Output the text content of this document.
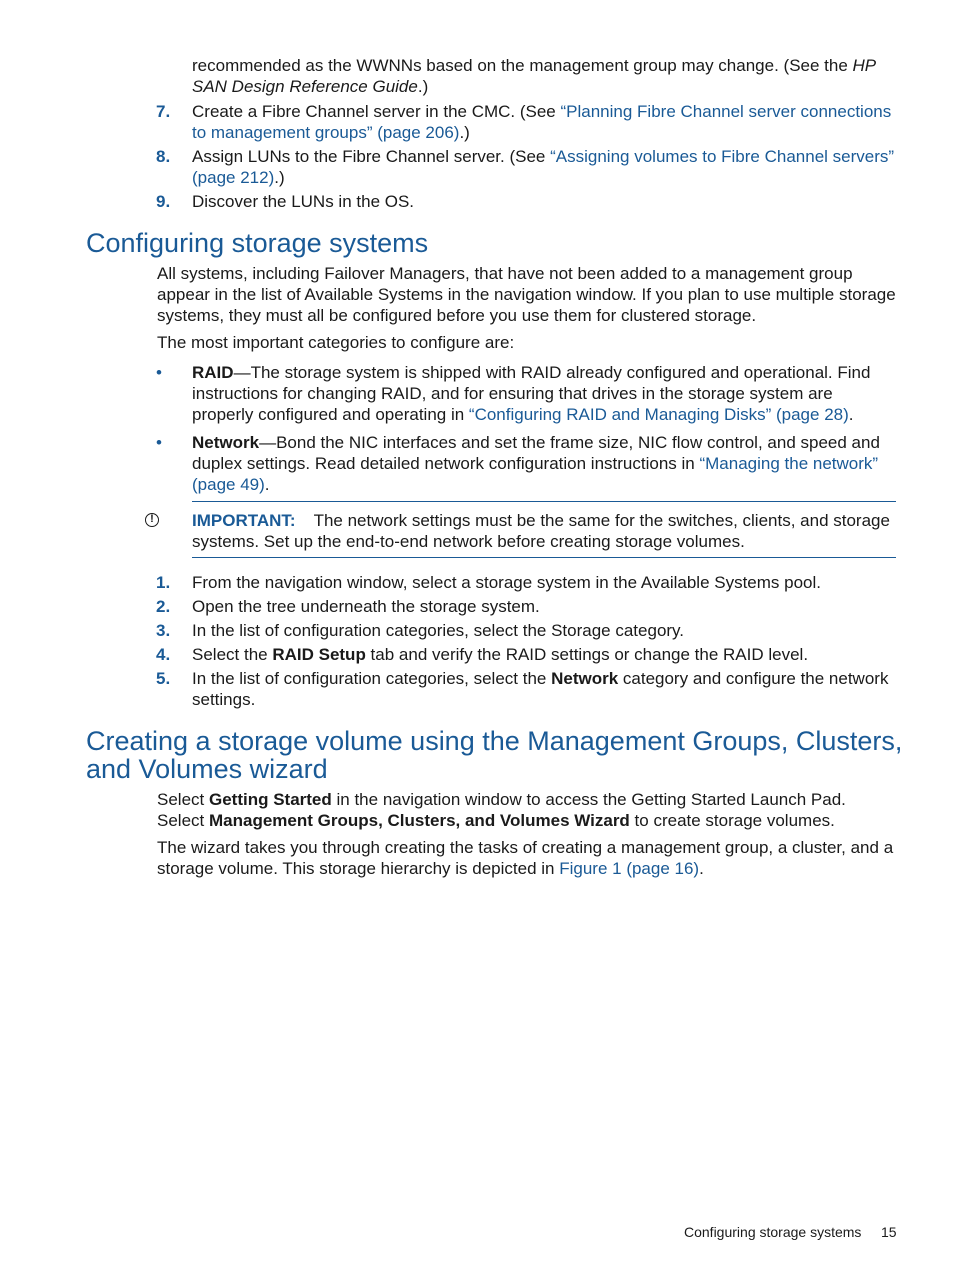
recommended as the WWNNs based on the management group may change. (See the HP SAN Design Reference Guide.)
7.	Create a Fibre Channel server in the CMC. (See “Planning Fibre Channel server connections to management groups” (page 206).)
8.	Assign LUNs to the Fibre Channel server. (See “Assigning volumes to Fibre Channel servers” (page 212).)
9.	Discover the LUNs in the OS.
Configuring storage systems
All systems, including Failover Managers, that have not been added to a management group appear in the list of Available Systems in the navigation window. If you plan to use multiple storage systems, they must all be configured before you use them for clustered storage.
The most important categories to configure are:
• RAID—The storage system is shipped with RAID already configured and operational. Find instructions for changing RAID, and for ensuring that drives in the storage system are properly configured and operating in “Configuring RAID and Managing Disks” (page 28).
• Network—Bond the NIC interfaces and set the frame size, NIC flow control, and speed and duplex settings. Read detailed network configuration instructions in “Managing the network” (page 49).
!	IMPORTANT: The network settings must be the same for the switches, clients, and storage systems. Set up the end-to-end network before creating storage volumes.
1.	From the navigation window, select a storage system in the Available Systems pool.
2.	Open the tree underneath the storage system.
3.	In the list of configuration categories, select the Storage category.
4.	Select the RAID Setup tab and verify the RAID settings or change the RAID level.
5.	In the list of configuration categories, select the Network category and configure the network settings.
Creating a storage volume using the Management Groups, Clusters, and Volumes wizard
Select Getting Started in the navigation window to access the Getting Started Launch Pad. Select Management Groups, Clusters, and Volumes Wizard to create storage volumes.
The wizard takes you through creating the tasks of creating a management group, a cluster, and a storage volume. This storage hierarchy is depicted in Figure 1 (page 16).
Configuring storage systems 15
